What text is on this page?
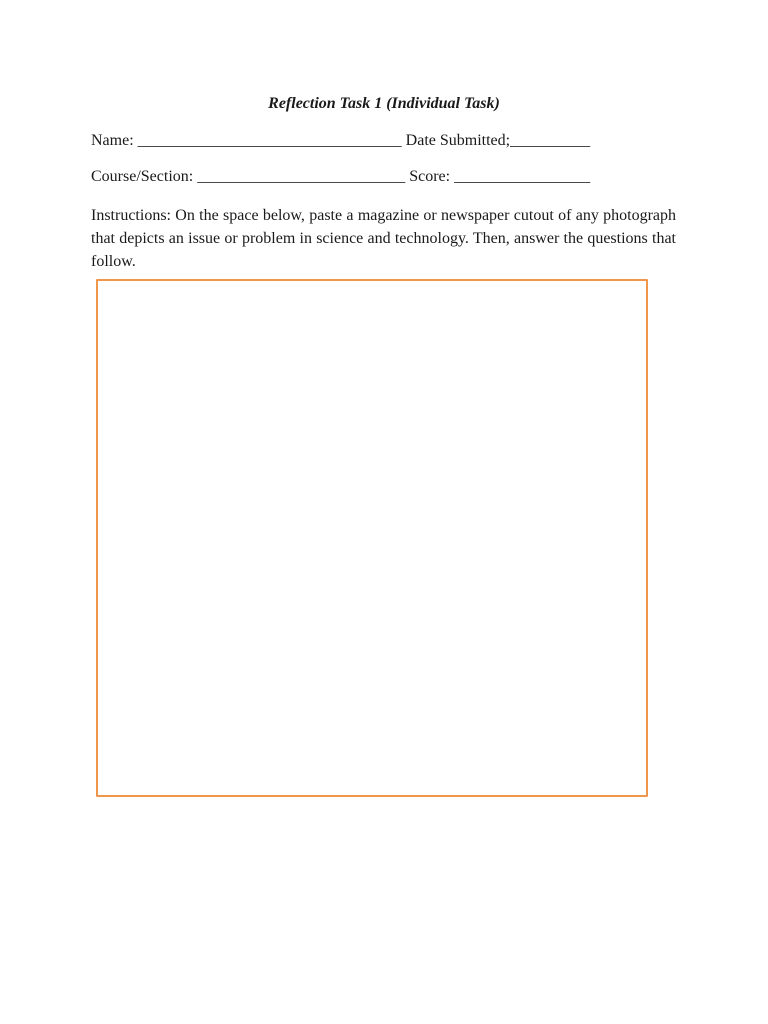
Reflection Task 1 (Individual Task)
Name: _________________________________ Date Submitted;__________
Course/Section: __________________________ Score: _________________
Instructions: On the space below, paste a magazine or newspaper cutout of any photograph that depicts an issue or problem in science and technology. Then, answer the questions that follow.
